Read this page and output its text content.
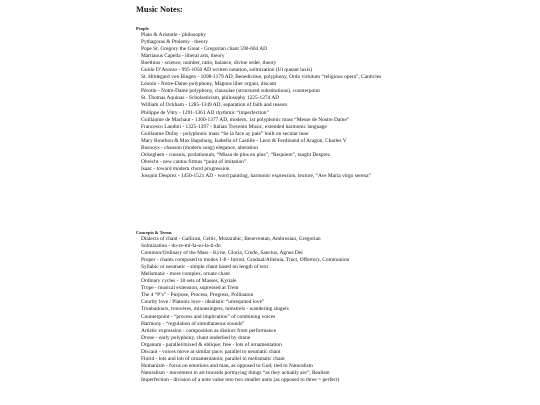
Music Notes:
People
Plato & Aristotle - philosophy
Pythagoras & Ptolemy - theory
Pope St. Gregory the Great - Gregorian chant 590-604 AD
Martianus Capella - liberal arts, theory
Boethius - science, number, ratio, balance, divine order, theory
Guido D’Arezzo - 995-1050 AD written notation, solmization (Ut queant laxis)
St. Hildegard von Bingen - 1098-1179 AD, Benedictine, polyphony, Ordo virtutum “religious opera”, Canticles
Léonin - Notre-Dame polyphony, Magnus liber organi, discant
Pérotin - Notre-Dame polyphony, clausulae (structured substitutions), counterpoint
St. Thomas Aquinas - Scholasticism, philosophy 1225-1274 AD
William of Ockham - 1285-1349 AD, separation of faith and reason
Philippe de Vitry - 1291-1361 AD rhythmic “imperfection”
Guillaume de Machaut - 1300-1377 AD, modern, 1st polyphonic mass “Messe de Nostre Dame”
Francesco Landini - 1325-1397 - Italian Trecento Music, extended harmonic language
Guillaume Dufay - polyphonic mass “Se la face ay pale” built on secular tune
Mary Bourbon & Max Hapsburg, Isabella of Castille - Leon & Ferdinand of Aragon, Charles V
Busnoys - chanson (modern song) elegance, alteration
Ockeghem - cuusuis, prolationum, “Missa de plus en plus”, “Requiem”, taught Desprez
Obrecht - new cantus firmus “point of imitation”
Isaac - toward modern chord progression
Josquin Desprez - 1450-1521 AD - word painting, harmonic expression, texture, “Ave Maria virgo serena”
Concepts & Terms
Dialects of chant - Gallican, Celtic, Mozarabic, Beneventan, Ambrosian, Gregorian
Solmization - do-re-mi-fa-so-la-ti-do
Common/Ordinary of the Mass - Kyrie, Gloria, Credo, Sanctus, Agnus Dei
Proper - chants composed to modes 1-8 - Introit, Gradual/Alleluia, Tract, Offertory, Communion
Syllabic or neumatic - simple chant based on length of text
Melismatic - more complex, ornate chant
Ordinary cycles - 18 sets of Masses, Kyriale
Trope - musical extension, supressed at Trent
The 4 “P’s” - Purpose, Process, Progress, Pollinaton
Courtly love / Platonic love - idealistic “unrequited love”
Troubadours, trouvères, minnesingers, minstrels - wandering singers
Counterpoint - “process and implication” of combining voices
Harmony - “regulation of simultaneous sounds”
Artistic expression - composition as distinct from performance
Drone - early polyphony, chant underlied by drone
Organum - parallel/mixed & oblique; free - lots of ornamentation
Discant - voices move at similar pace; parallel to neumatic chant
Florid - lots and lob of ornamentatoin; parallel to melismatic chant
Humanism - focus on emotions and man, as opposed to God; tied to Naturalism
Naturalism - movement in art towards portraying things “as they actually are”; Realism
Imperfection - division of a note value into two smaller units (as opposed to three = perfect)
